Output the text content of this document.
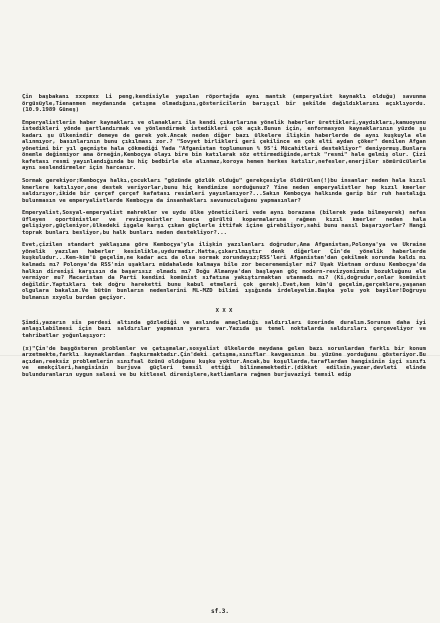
Çin başbakanı xxxpmxx Li peng,kendisiyle yapılan röportajda aynı mantık (emperyalist kaynaklı olduğu) savunma örgüsüyle,Tienanmen meydanında çatışma olmadığını,göstericilerin barışçıl bir şekilde dağıldıklarını açıklıyordu.(10.9.1989 Güneş)

Emperyalistlerin haber kaynakları ve olanakları ile kendi çıkarlarına yönelik haberler ürettikleri,yaydıkları,kamuoyunu istedikleri yönde şartlandırmak ve yönlendirmek istedikleri çok açık.Bunun için, enformasyon kaynaklarının yüzde şu kadarı şu ülkenindir demeye de gerek yok.Ancak neden diğer bazı ülkelere ilişkin haberlerde de aynı kuşkuyla ele alınmıyor, basınlarının bunu çıkılması zor.? "Sovyet birlikleri geri çekilince en çok elti aydan çöker" denilen Afgan yönetimi bir yıl geçmişte hala çökmediği Yada "Afganistan toplumunun % 95'i Mücahitleri destekliyor" deniyormuş.Bunlara önemle değinmiyor ama örneğin,Kemboçya olayı bire bin katılarak söz ettirmediğinde,artık "resmi" hale gelmiş olur. Çizi kafetası resmi yayınlandığında bu hiç bedbirle ele alınmaz,koroya hemen herkes katılır,nefesler,enerjiler sömürücülerle aynı seslendirmeler için harcanır.

Sormak gerekiyor;Kemboçya halkı,çocukları "gözünde gözlük olduğu" gerekçesiyle öldürülen(!)bu insanlar neden hala kızıl kmerlere katılıyor,one destek veriyorlar,bunu hiç kendimize sorduğunuz? Yine neden emperyalistler hep kızıl kmerler saldırıyor,ikide bir çerçef çerçef kafatası resimleri yayınlanıyor?...Sakın Kemboçya halkında garip bir ruh hastalığı bulunmasın ve emperyalistlerde Kemboçya da insanhakları savunuculuğunu yapmasınlar?

Emperyalist,Sosyal-emperyalist mahrekler ve uydu ülke yöneticileri vede aynı borazana (bilerek yada bilmeyerek) nefes üfleyen oportünistler ve revizyonistler bunca gürültü koparmalarına rağmen kızıl kmerler neden hala gelişiyor,güçleniyor,ülkedeki işgale karşı çıkan güçlerle ittifak içine girebiliyor,sahi bunu nasıl başarıyorlar? Hangi toprak bunları besliyor,bu halk bunları neden destekliyor?...

Evet,çizilen standart yaklaşıma göre Kemboçya'yla ilişkin yazılanları doğrudur,Ama Afganistan,Polonya'ya ve Ukraine yönelik yazılan haberler kesinlikle,uydurmadır.Hatta,çıkarılmıştır denk diğerler Çin'de yönelik haberlerde kuşkuludur...Kem-küm'ü geçelim,ne kadar acı da olsa sormak zorundayız;RSS'leri Afganistan'dan çekilmek sorunda kaldı mı kalmadı mı? Polonya'da RSS'nin uşakları müdahalede kalmaya bile zor becerememişler mi? Uşak Vietnam ordusu Kemboçya'da halkın direnişi karşısın da başarısız olmadı mı? Doğu Almanya'dan başlayan göç modern-revizyonizmin bozukluğunu ele vermiyor mu? Macaristan da Parti kendini komünist sıfatına yakıştırmaktan utanmadı mı? (Ki,doğrudur,onlar komünist değildir.Yaptıkları tek doğru hareketti bunu kabul etmeleri çok gerek).Evet,kem küm'ü geçelim,gerçeklere,yaşanan olgulara bakalım.Ve bütün bunların nedenlerini ML-MZD bilimi ışığında irdeleyelim.Başka yolu yok bayiler!Doğruyu bulmanın xxyolu burdan geçiyor.

X X X

Şimdi,yazarın sis perdesi altında gözlediği ve aslında amaçladığı saldırıları üzerinde duralım.Sorunun daha iyi anlaşılabilmesi için bazı saldırılar yapmanın yararı var.Yazıda şu temel noktalarda saldırıları çerçeveliyor ve tahribatlar yoğunlaşıyor:

(x)"Çin'de başgösteren problemler ve çatışmalar,sosyalist ülkelerde meydana gelen bazı sorunlardan farklı bir konum arzetmekte,farklı kaynaklardan faşkırmaktadır.Çin'deki çatışma,sınıflar kavgasının bu yüzüne yorduğunu gösteriyor.Bu açıdan,reeksiz problemlerin sınıfsal özünü olduğunu kuşku yoktur.Ancak,bu koşullarda,taraflardan hangisinin işçi sınıfı ve emekçileri,hangisinin burjuva güçleri temsil ettiği bilinmemektedir.(dikkat edilsin,yazar,devleti elinde bulunduranların uygun salesi ve bu kitlesel direnişlere,katliamlara rağmen burjuvaziyi temsil edip

sf.3.
